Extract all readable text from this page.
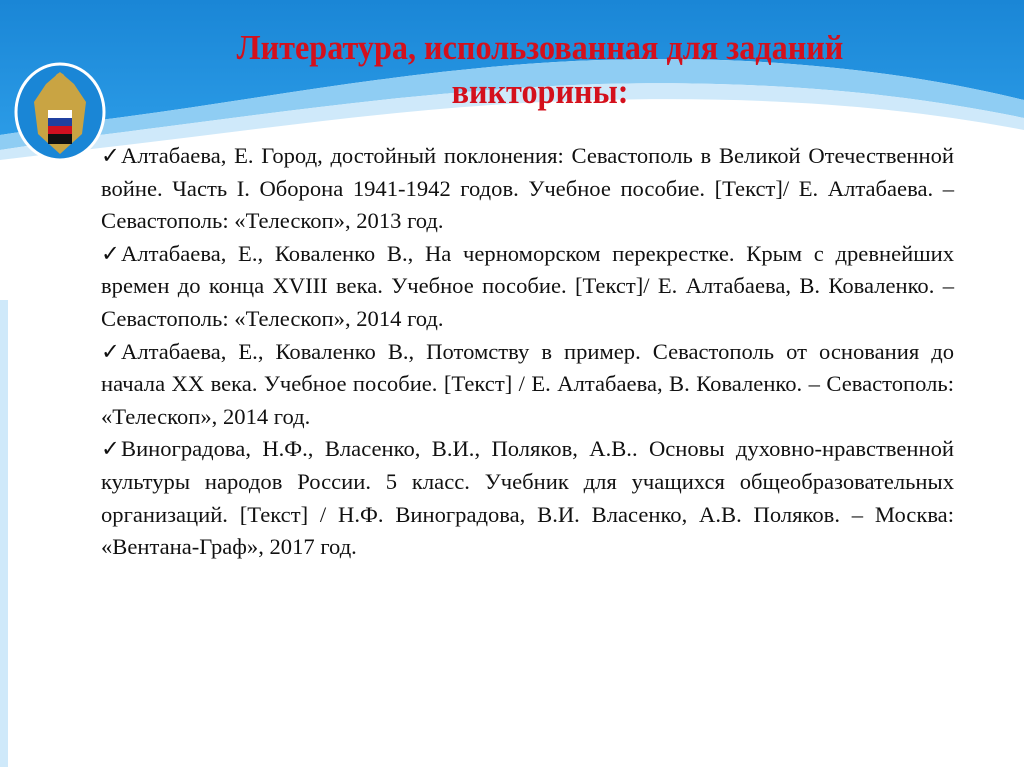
Литература, использованная для заданий
викторины:

✓Алтабаева, Е. Город, достойный поклонения: Севастополь в Великой Отечественной войне. Часть I. Оборона 1941-1942 годов. Учебное пособие. [Текст]/ Е. Алтабаева. – Севастополь: «Телескоп», 2013 год.

✓Алтабаева, Е., Коваленко В., На черноморском перекрестке. Крым с древнейших времен до конца XVIII века. Учебное пособие. [Текст]/ Е. Алтабаева, В. Коваленко. – Севастополь: «Телескоп», 2014 год.

✓Алтабаева, Е., Коваленко В., Потомству в пример. Севастополь от основания до начала XX века. Учебное пособие. [Текст] / Е. Алтабаева, В. Коваленко. – Севастополь: «Телескоп», 2014 год.

✓Виноградова, Н.Ф., Власенко, В.И., Поляков, А.В.. Основы духовно-нравственной культуры народов России. 5 класс. Учебник для учащихся общеобразовательных организаций. [Текст] / Н.Ф. Виноградова, В.И. Власенко, А.В. Поляков. – Москва: «Вентана-Граф», 2017 год.
